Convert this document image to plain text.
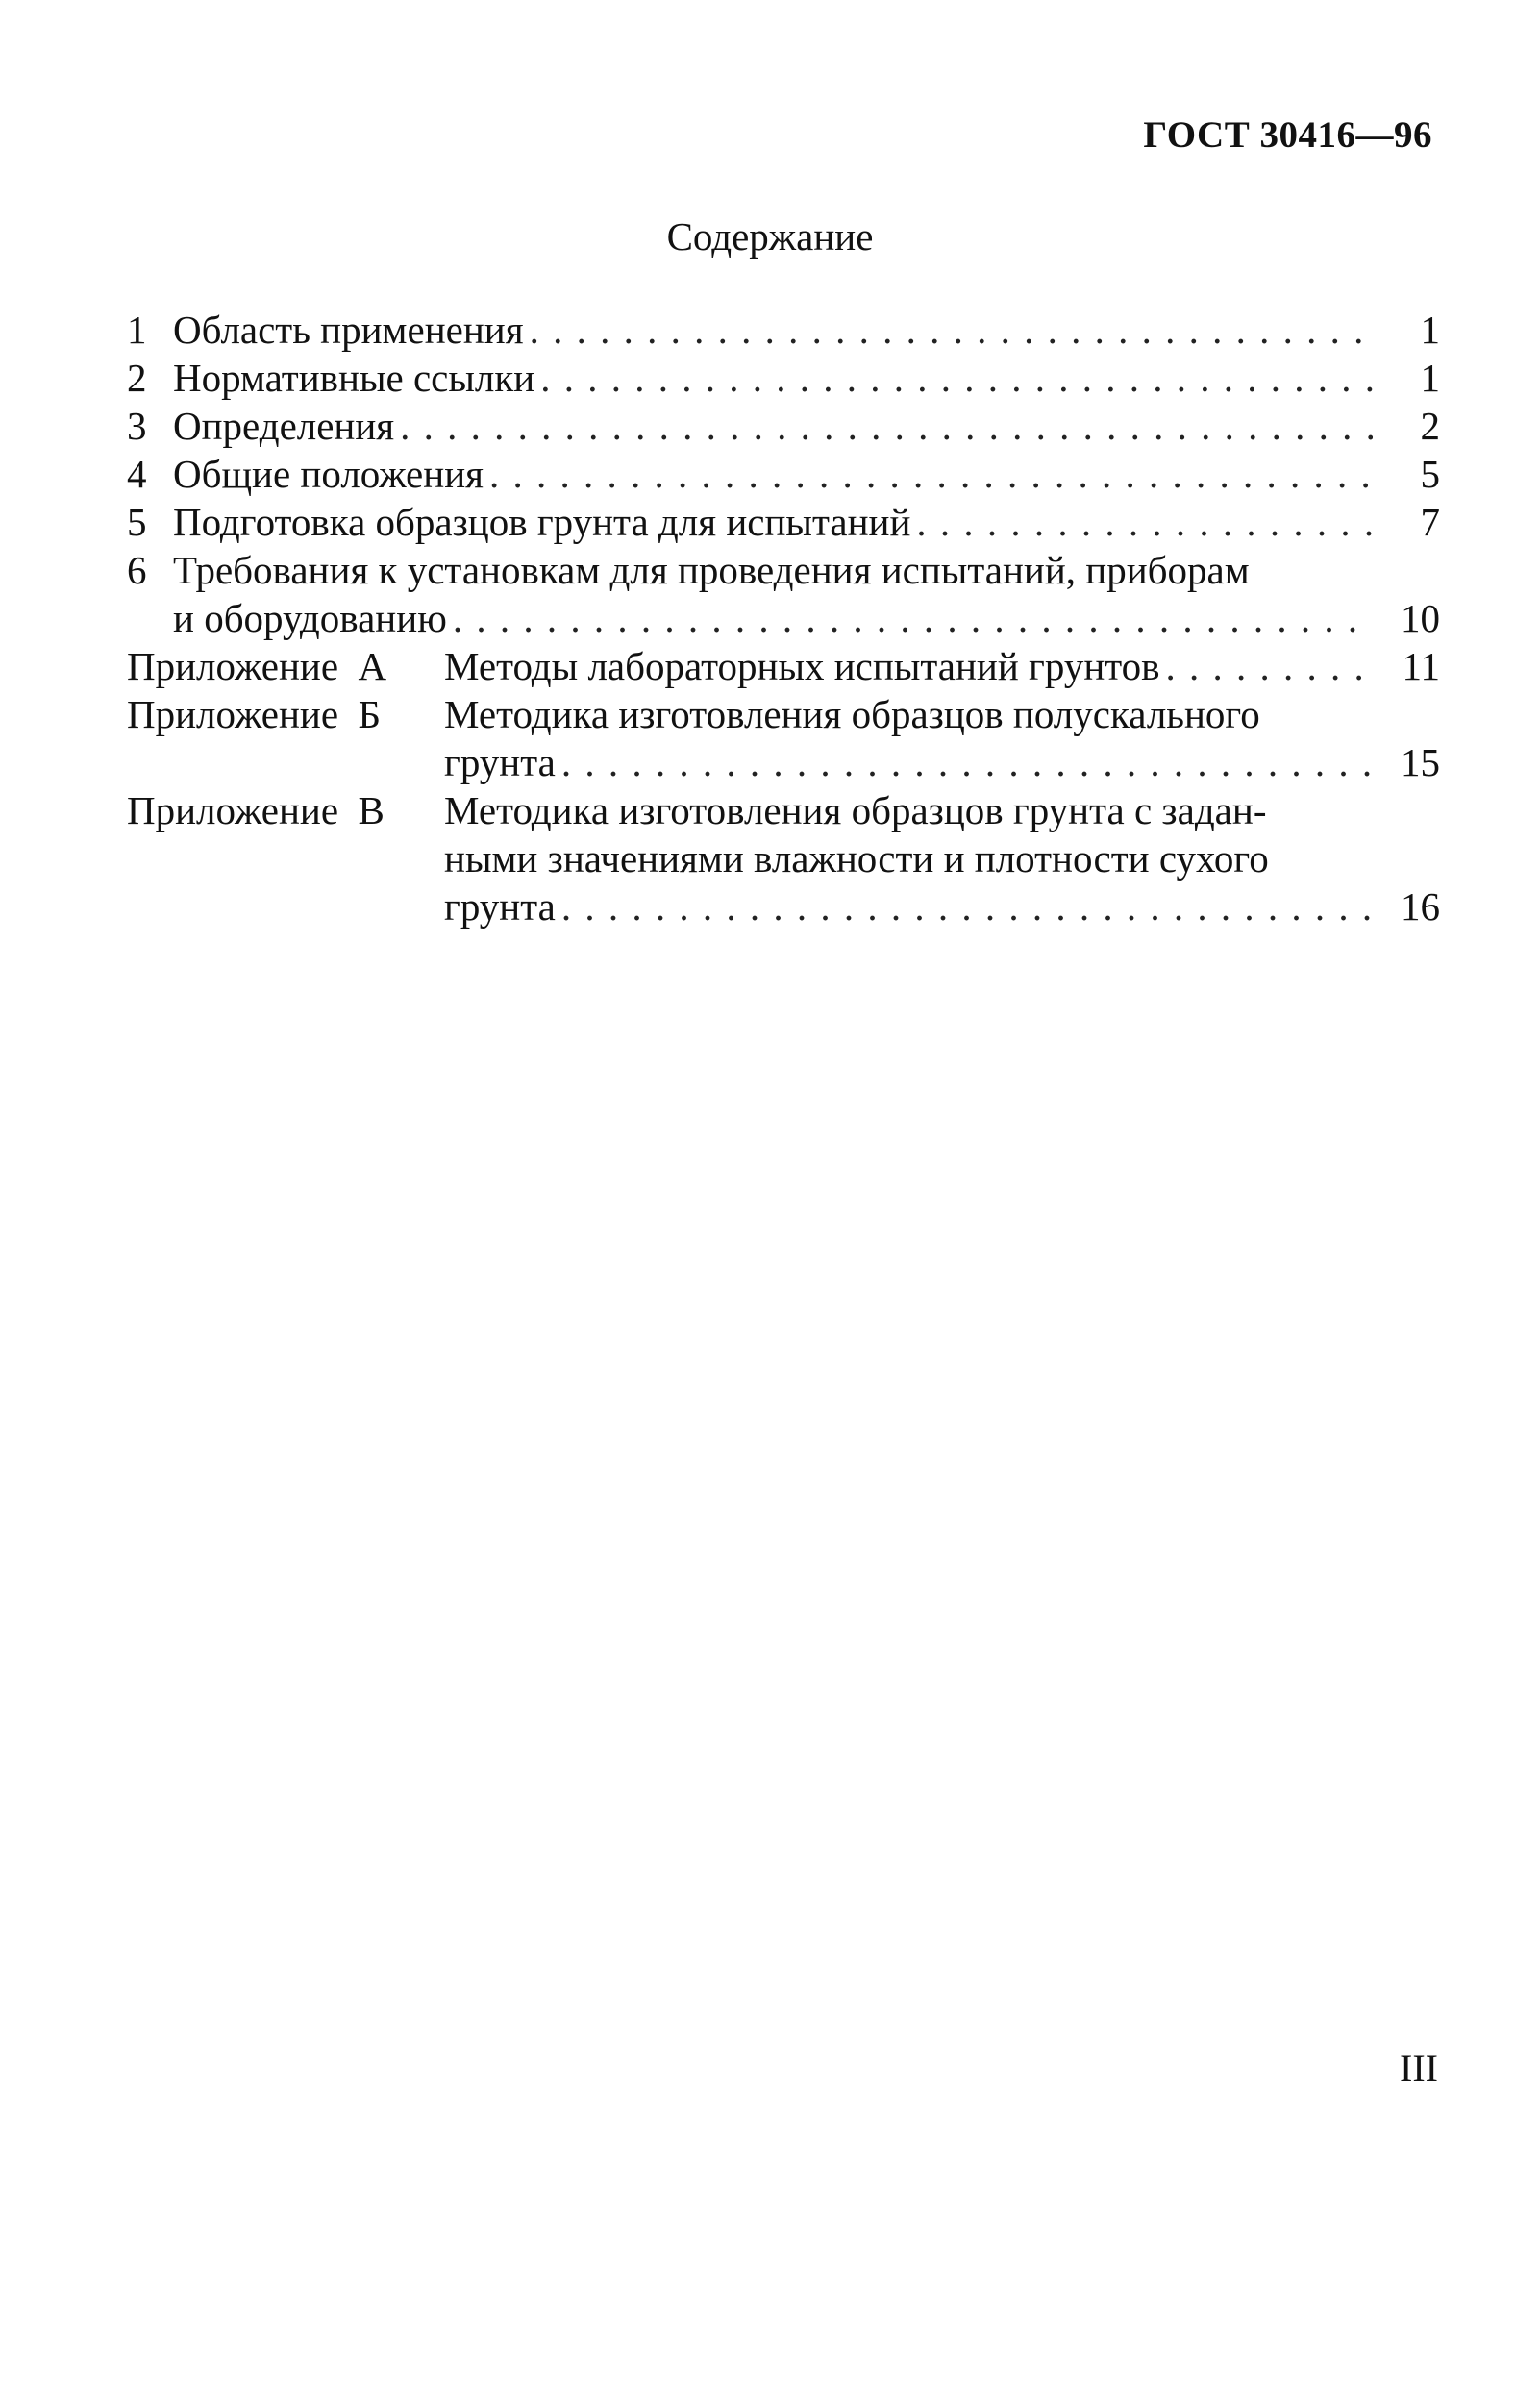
ГОСТ 30416—96
Содержание
1 Область применения . . .	1
2 Нормативные ссылки . . .	1
3 Определения . . .	2
4 Общие положения . . .	5
5 Подготовка образцов грунта для испытаний . . .	7
6 Требования к установкам для проведения испытаний, приборам
и оборудованию . . .	10
Приложение  А	Методы лабораторных испытаний грунтов . . .	11
Приложение  Б	Методика изготовления образцов полускального
грунта . . .	15
Приложение  В	Методика изготовления образцов грунта с задан-
ными значениями влажности и плотности сухого
грунта . . .	16
III
